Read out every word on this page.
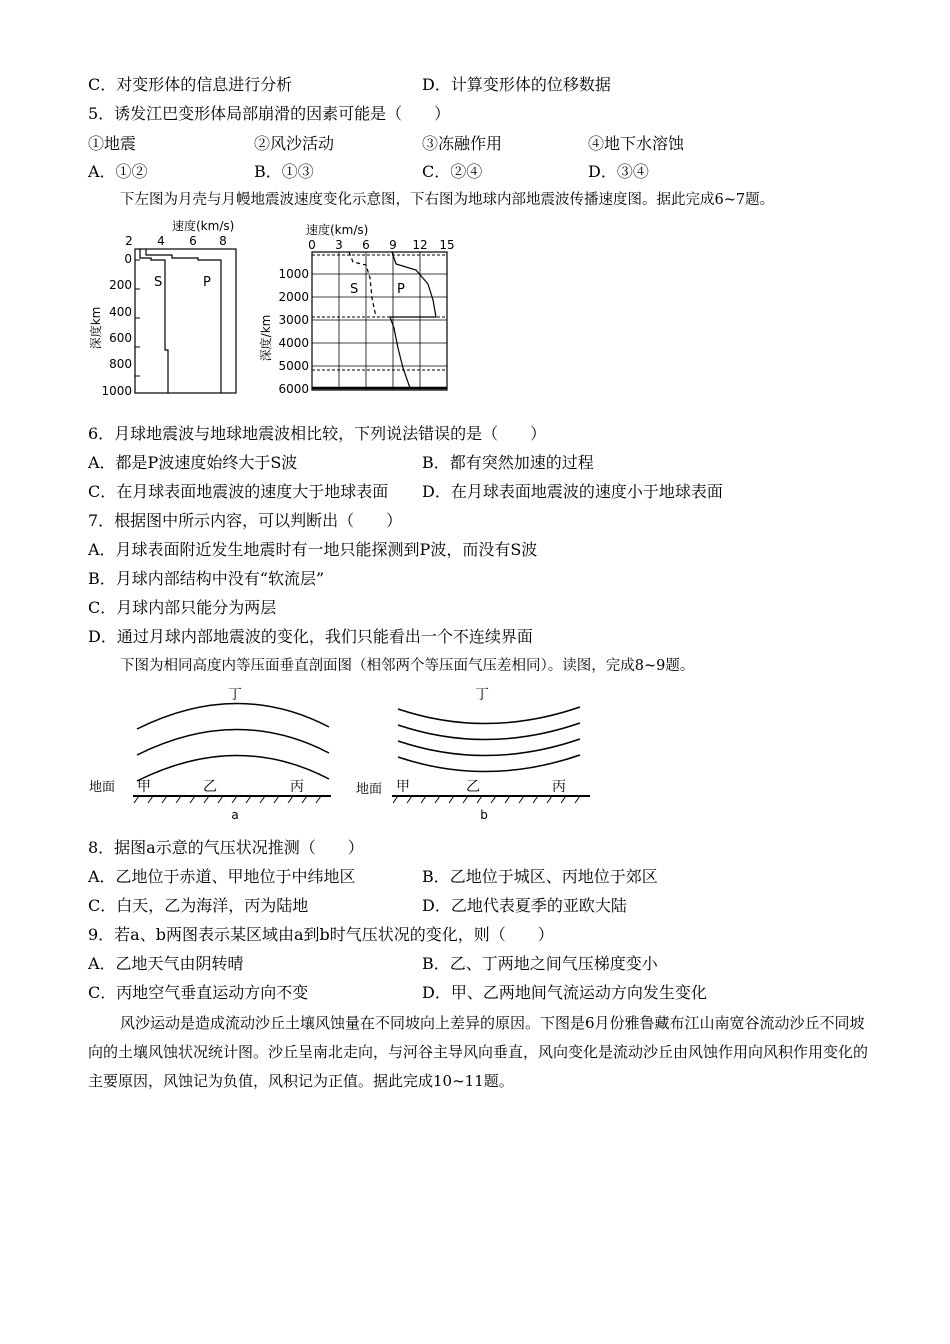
C．对变形体的信息进行分析	D．计算变形体的位移数据
5．诱发江巴变形体局部崩滑的因素可能是（　　）
①地震	②风沙活动	③冻融作用	④地下水溶蚀
A．①②	B．①③	C．②④	D．③④
下左图为月壳与月幔地震波速度变化示意图，下右图为地球内部地震波传播速度图。据此完成6~7题。
速度(km/s)
2 4 6 8
0
200
400
600
800
1000
深度km
S	P
速度(km/s)
0 3 6 9 12 15
1000
2000
3000
4000
5000
6000
深度/km
S	P
6．月球地震波与地球地震波相比较，下列说法错误的是（　　）
A．都是P波速度始终大于S波	B．都有突然加速的过程
C．在月球表面地震波的速度大于地球表面 D．在月球表面地震波的速度小于地球表面
7．根据图中所示内容，可以判断出（　　）
A．月球表面附近发生地震时有一地只能探测到P波，而没有S波
B．月球内部结构中没有“软流层”
C．月球内部只能分为两层
D．通过月球内部地震波的变化，我们只能看出一个不连续界面
下图为相同高度内等压面垂直剖面图（相邻两个等压面气压差相同）。读图，完成8~9题。
丁
地面 甲	乙	丙
a
丁
地面 甲	乙	丙
b
8．据图a示意的气压状况推测（　　）
A．乙地位于赤道、甲地位于中纬地区	B．乙地位于城区、丙地位于郊区
C．白天，乙为海洋，丙为陆地	D．乙地代表夏季的亚欧大陆
9．若a、b两图表示某区域由a到b时气压状况的变化，则（　　）
A．乙地天气由阴转晴	B．乙、丁两地之间气压梯度变小
C．丙地空气垂直运动方向不变	D．甲、乙两地间气流运动方向发生变化

风沙运动是造成流动沙丘土壤风蚀量在不同坡向上差异的原因。下图是6月份雅鲁藏布江山南宽谷流动沙丘不同坡向的土壤风蚀状况统计图。沙丘呈南北走向，与河谷主导风向垂直，风向变化是流动沙丘由风蚀作用向风积作用变化的主要原因，风蚀记为负值，风积记为正值。据此完成10~11题。
